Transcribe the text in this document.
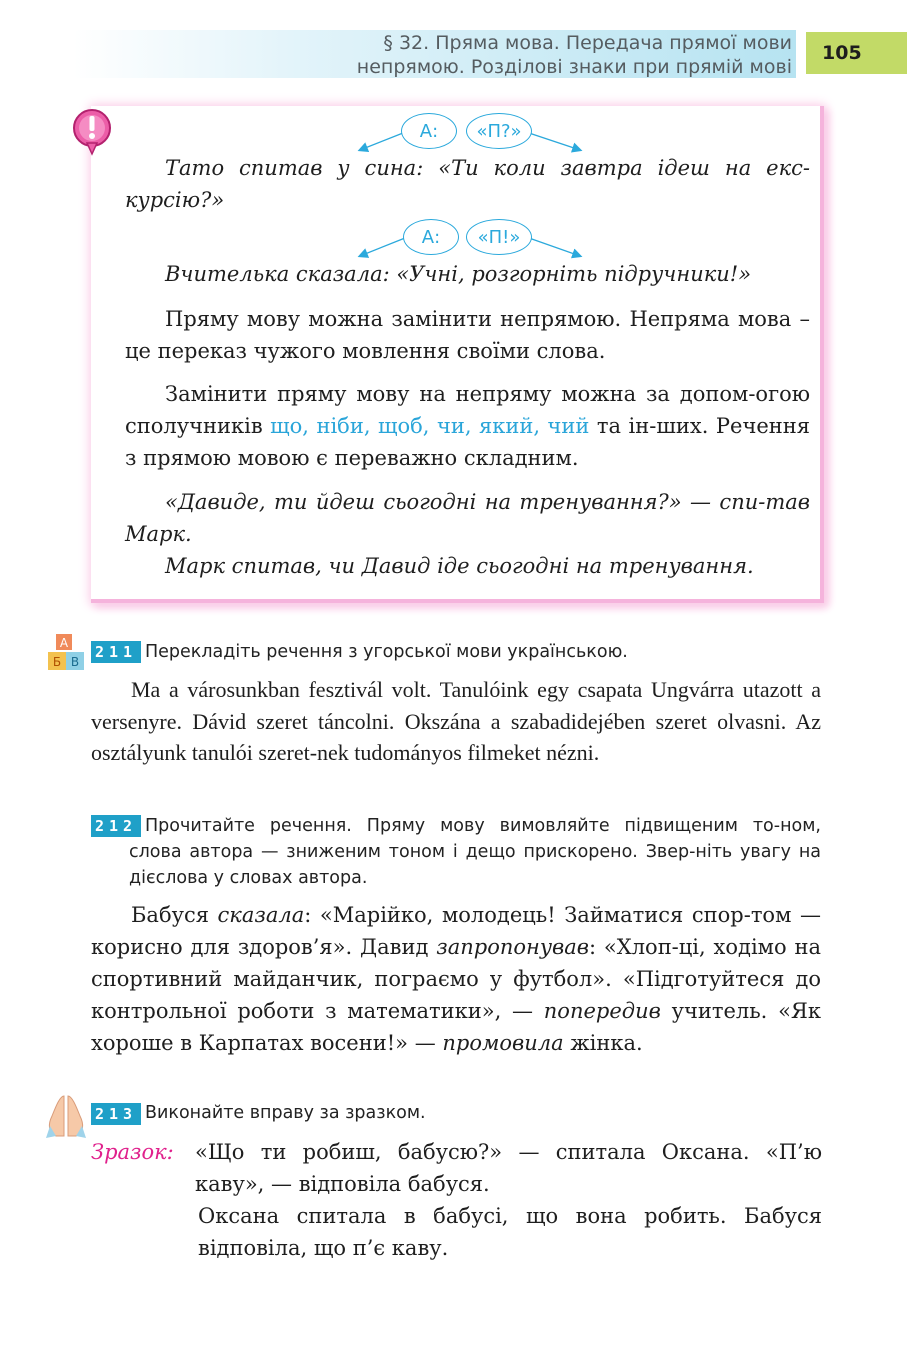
§ 32. Пряма мова. Передача прямої мови
непрямою. Розділові знаки при прямій мові
105
А:	«П?»

Тато спитав у сина: «Ти коли завтра ідеш на екс-курсію?»

А:	«П!»

Вчителька сказала: «Учні, розгорніть підручники!»

Пряму мову можна замінити непрямою. Непряма мова – це переказ чужого мовлення своїми слова.

Замінити пряму мову на непряму можна за допом-огою сполучників що, ніби, щоб, чи, який, чий та ін-ших. Речення з прямою мовою є переважно складним.

«Давиде, ти йдеш сьогодні на тренування?» — спи-тав Марк.

Марк спитав, чи Давид іде сьогодні на тренування.

А
Б В
211 Перекладіть речення з угорської мови українською.

Ma a városunkban fesztivál volt. Tanulóink egy csapata Ungvárra utazott a versenyre. Dávid szeret táncolni. Okszána a szabadidejében szeret olvasni. Az osztályunk tanulói szeret-nek tudományos filmeket nézni.

212 Прочитайте речення. Пряму мову вимовляйте підвищеним то-ном, слова автора — зниженим тоном і дещо прискорено. Звер-ніть увагу на дієслова у словах автора.

Бабуся сказала: «Марійко, молодець! Займатися спор-том — корисно для здоров’я». Давид запропонував: «Хлоп-ці, ходімо на спортивний майданчик, пограємо у футбол». «Підготуйтеся до контрольної роботи з математики», — попередив учитель. «Як хороше в Карпатах восени!» — промовила жінка.

213 Виконайте вправу за зразком.
Зразок: «Що ти робиш, бабусю?» — спитала Оксана. «П’ю каву», — відповіла бабуся.

Оксана спитала в бабусі, що вона робить. Бабуся відповіла, що п’є каву.
